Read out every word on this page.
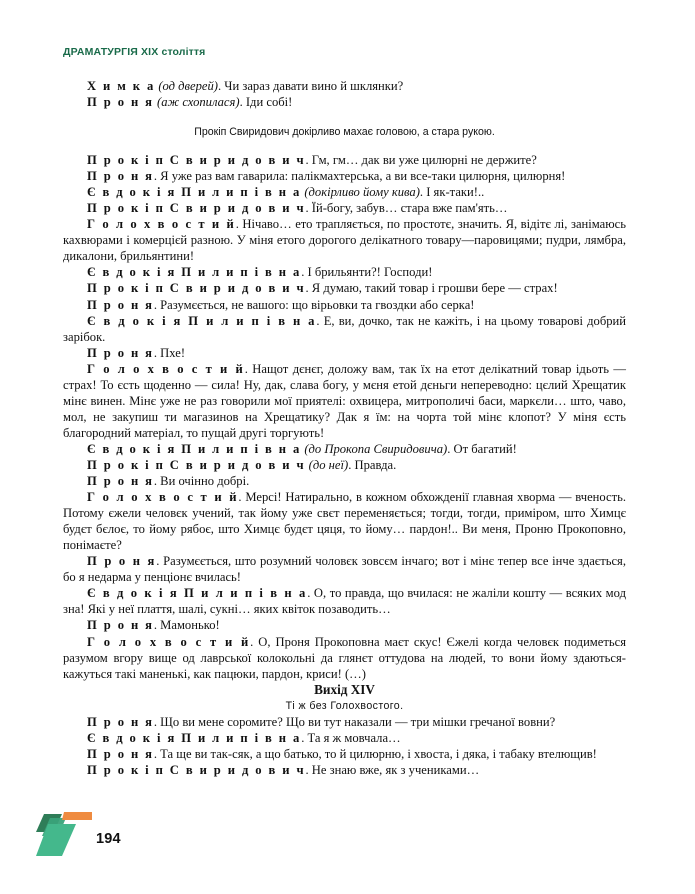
ДРАМАТУРГІЯ XIX століття

Х и м к а (од дверей). Чи зараз давати вино й шклянки?

П р о н я (аж схопилася). Іди собі!

Прокіп Свиридович докірливо махає головою, а стара рукою.

П р о к і п С в и р и д о в и ч. Гм, гм… дак ви уже цилюрні не держите?

П р о н я. Я уже раз вам гаварила: палікмахтерська, а ви все-таки цилюрня, цилюрня!

Є в д о к і я П и л и п і в н а (докірливо йому кива). І як-таки!..

П р о к і п С в и р и д о в и ч. Їй-богу, забув… стара вже пам'ять…

Г о л о х в о с т и й. Нічаво… ето трапляється, по простотє, значить. Я, відітє лі, занімаюсь кахвюрами і комерцієй разною. У міня етого дорогого делікатного товару—паровицями; пудри, лямбра, дикалони, брильянтини!

Є в д о к і я П и л и п і в н а. І брильянти?! Господи!

П р о к і п С в и р и д о в и ч. Я думаю, такий товар і грошви бере — страх!

П р о н я. Разумєється, не вашого: що вірьовки та гвоздки або серка!

Є в д о к і я П и л и п і в н а. Е, ви, дочко, так не кажіть, і на цьому товарові добрий зарібок.

П р о н я. Пхе!

Г о л о х в о с т и й. Нащот дєнєг, доложу вам, так їх на етот делікатний товар ідьоть — страх! То єсть щоденно — сила! Ну, дак, слава богу, у мєня етой дєньги непереводно: цєлий Хрещатик мінє винен. Мінє уже не раз говорили мої приятелі: охвицера, митрополичі баси, маркєли… што, чаво, мол, не закупиш ти магазинов на Хрещатику? Дак я їм: на чорта той мінє клопот? У міня єсть благородний матеріал, то пущай другі торгують!

Є в д о к і я П и л и п і в н а (до Прокопа Свиридовича). От багатий!

П р о к і п С в и р и д о в и ч (до неї). Правда.

П р о н я. Ви очінно добрі.

Г о л о х в о с т и й. Мерсі! Натирально, в кожном обхожденії главная хворма — вченость. Потому єжели человєк учений, так йому уже свєт переменяється; тогди, тогди, приміром, што Химцє будєт бєлоє, то йому рябоє, што Химцє будєт цяця, то йому… пардон!.. Ви меня, Проню Прокоповно, понімаєте?

П р о н я. Разумєється, што розумний чоловєк зовсєм інчаго; вот і мінє тепер все інче здається, бо я недарма у пенціонє вчилась!

Є в д о к і я П и л и п і в н а. О, то правда, що вчилася: не жаліли кошту — всяких мод зна! Які у неї плаття, шалі, сукні… яких квіток позаводить…

П р о н я. Мамонько!

Г о л о х в о с т и й. О, Проня Прокоповна маєт скус! Єжелі когда человєк подиметься разумом вгору вище од лаврської колокольні да глянєт оттудова на людей, то вони йому здаються-кажуться такі маненькі, как пацюки, пардон, криси! (…)

Вихід XIV

Ті ж без Голохвостого.

П р о н я. Що ви мене соромите? Що ви тут наказали — три мішки гречаної вовни?

Є в д о к і я П и л и п і в н а. Та я ж мовчала…

П р о н я. Та ще ви так-сяк, а що батько, то й цилюрню, і хвоста, і дяка, і табаку втелющив!

П р о к і п С в и р и д о в и ч. Не знаю вже, як з учениками…

194
